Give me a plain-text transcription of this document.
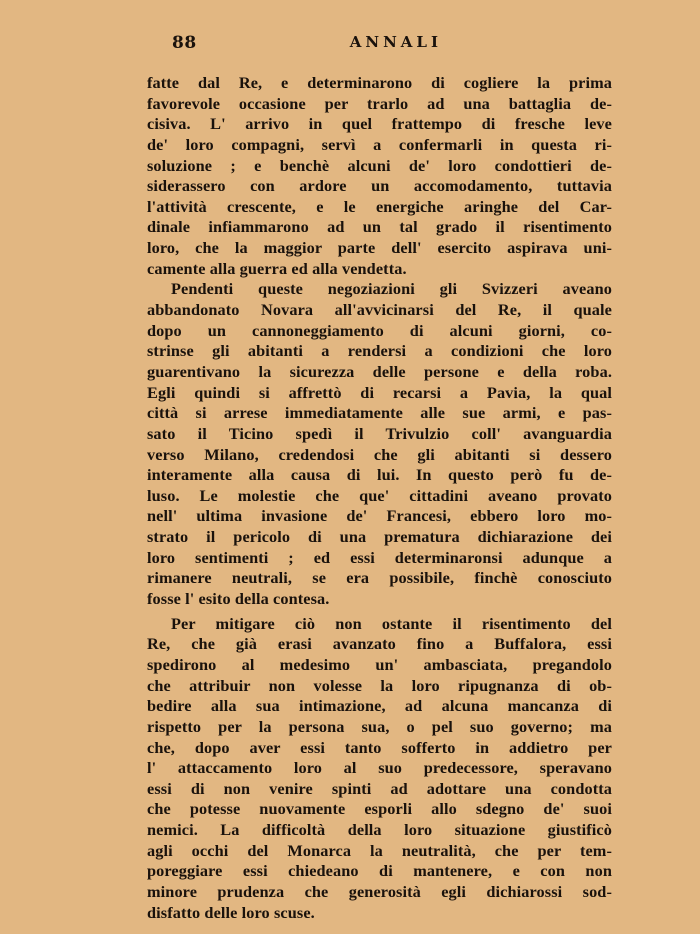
88	ANNALI
fatte dal Re, e determinarono di cogliere la prima
favorevole occasione per trarlo ad una battaglia de-
cisiva. L' arrivo in quel frattempo di fresche leve
de' loro compagni, servì a confermarli in questa ri-
soluzione ; e benchè alcuni de' loro condottieri de-
siderassero con ardore un accomodamento, tuttavia
l'attività crescente, e le energiche aringhe del Car-
dinale infiammarono ad un tal grado il risentimento
loro, che la maggior parte dell' esercito aspirava uni-
camente alla guerra ed alla vendetta.
Pendenti queste negoziazioni gli Svizzeri aveano
abbandonato Novara all'avvicinarsi del Re, il quale
dopo un cannoneggiamento di alcuni giorni, co-
strinse gli abitanti a rendersi a condizioni che loro
guarentivano la sicurezza delle persone e della roba.
Egli quindi si affrettò di recarsi a Pavia, la qual
città si arrese immediatamente alle sue armi, e pas-
sato il Ticino spedì il Trivulzio coll' avanguardia
verso Milano, credendosi che gli abitanti si dessero
interamente alla causa di lui. In questo però fu de-
luso. Le molestie che que' cittadini aveano provato
nell' ultima invasione de' Francesi, ebbero loro mo-
strato il pericolo di una prematura dichiarazione dei
loro sentimenti ; ed essi determinaronsi adunque a
rimanere neutrali, se era possibile, finchè conosciuto
fosse l' esito della contesa.
Per mitigare ciò non ostante il risentimento del
Re, che già erasi avanzato fino a Buffalora, essi
spedirono al medesimo un' ambasciata, pregandolo
che attribuir non volesse la loro ripugnanza di ob-
bedire alla sua intimazione, ad alcuna mancanza di
rispetto per la persona sua, o pel suo governo; ma
che, dopo aver essi tanto sofferto in addietro per
l' attaccamento loro al suo predecessore, speravano
essi di non venire spinti ad adottare una condotta
che potesse nuovamente esporli allo sdegno de' suoi
nemici. La difficoltà della loro situazione giustificò
agli occhi del Monarca la neutralità, che per tem-
poreggiare essi chiedeano di mantenere, e con non
minore prudenza che generosità egli dichiarossi sod-
disfatto delle loro scuse.
